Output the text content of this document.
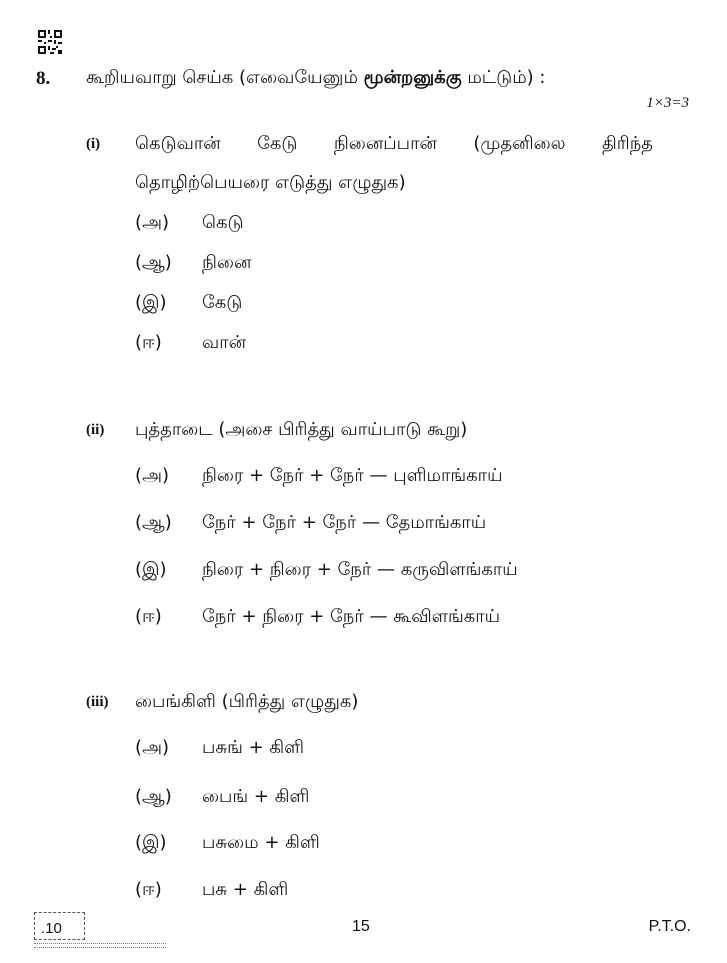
8. கூறியவாறு செய்க (எவையேனும் மூன்றனுக்கு மட்டும்) :
1×3=3
(i) கெடுவான் கேடு நினைப்பான் (முதனிலை திரிந்த
தொழிற்பெயரை எடுத்து எழுதுக)
(அ) கெடு
(ஆ) நினை
(இ) கேடு
(ஈ) வான்
(ii) புத்தாடை (அசை பிரித்து வாய்பாடு கூறு)
(அ) நிரை + நேர் + நேர் — புளிமாங்காய்
(ஆ) நேர் + நேர் + நேர் — தேமாங்காய்
(இ) நிரை + நிரை + நேர் — கருவிளங்காய்
(ஈ) நேர் + நிரை + நேர் — கூவிளங்காய்
(iii) பைங்கிளி (பிரித்து எழுதுக)
(அ) பசுங் + கிளி
(ஆ) பைங் + கிளி
(இ) பசுமை + கிளி
(ஈ) பசு + கிளி
.10	15	P.T.O.
